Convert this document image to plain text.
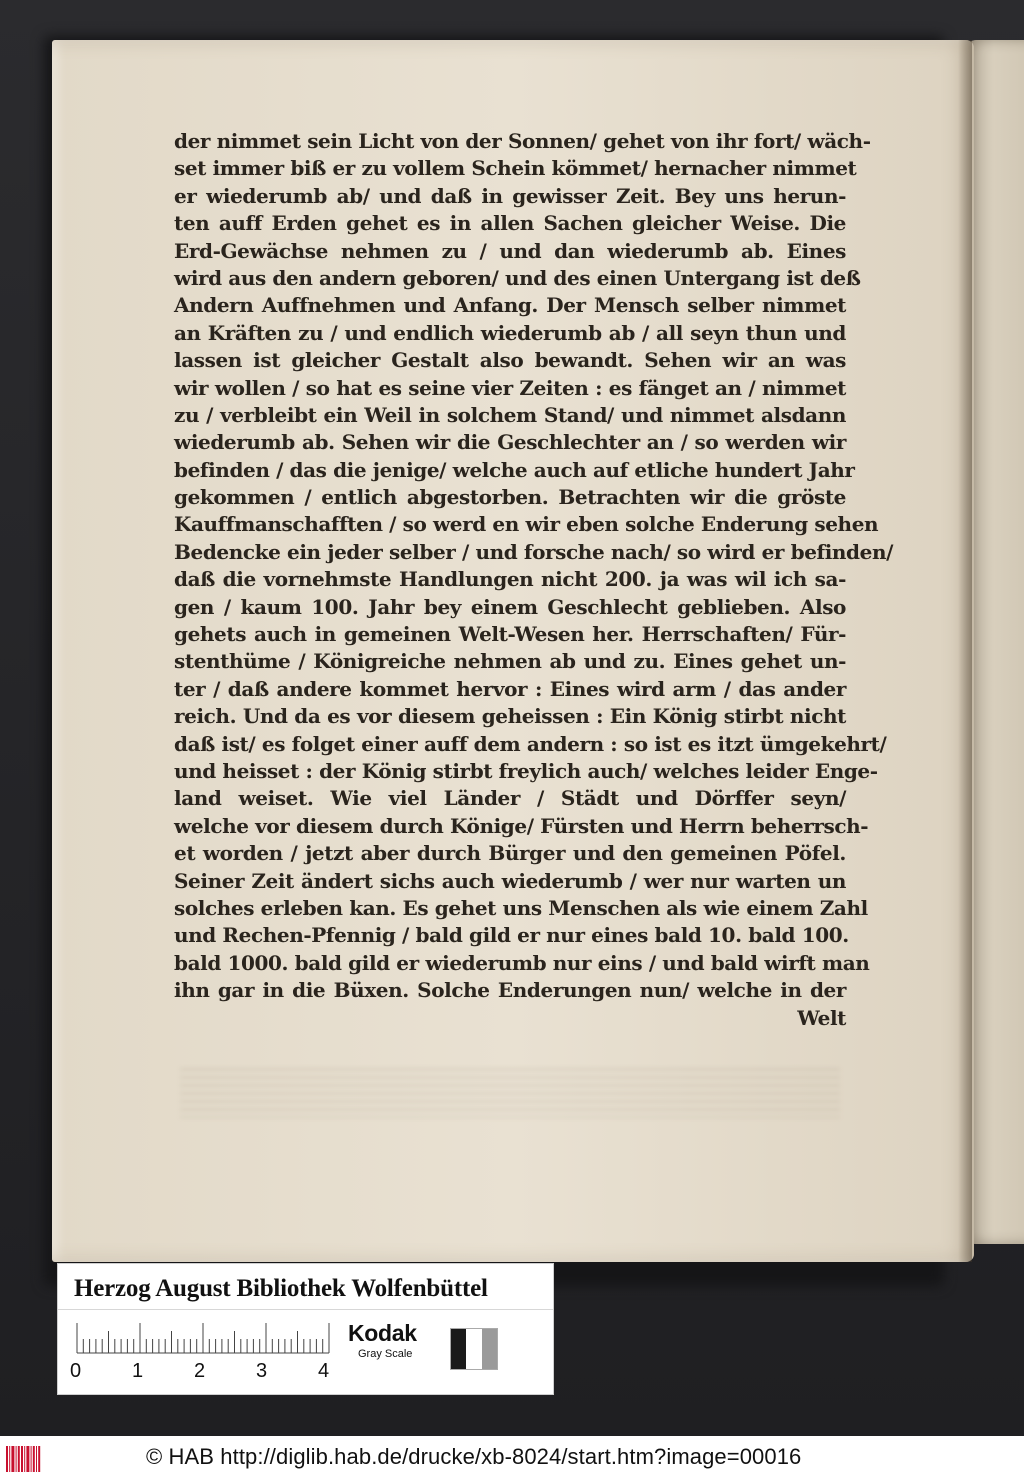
der nimmet sein Licht von der Sonnen/ gehet von ihr fort/ wäch-
set immer biß er zu vollem Schein kömmet/ hernacher nimmet
er wiederumb ab/ und daß in gewisser Zeit. Bey uns herun-
ten auff Erden gehet es in allen Sachen gleicher Weise. Die
Erd-Gewächse nehmen zu / und dan wiederumb ab. Eines
wird aus den andern geboren/ und des einen Untergang ist deß
Andern Auffnehmen und Anfang. Der Mensch selber nimmet
an Kräften zu / und endlich wiederumb ab / all seyn thun und
lassen ist gleicher Gestalt also bewandt. Sehen wir an was
wir wollen / so hat es seine vier Zeiten : es fänget an / nimmet
zu / verbleibt ein Weil in solchem Stand/ und nimmet alsdann
wiederumb ab. Sehen wir die Geschlechter an / so werden wir
befinden / das die jenige/ welche auch auf etliche hundert Jahr
gekommen / entlich abgestorben. Betrachten wir die gröste
Kauffmanschafften / so werd en wir eben solche Enderung sehen
Bedencke ein jeder selber / und forsche nach/ so wird er befinden/
daß die vornehmste Handlungen nicht 200. ja was wil ich sa-
gen / kaum 100. Jahr bey einem Geschlecht geblieben. Also
gehets auch in gemeinen Welt-Wesen her. Herrschaften/ Für-
stenthüme / Königreiche nehmen ab und zu. Eines gehet un-
ter / daß andere kommet hervor : Eines wird arm / das ander
reich. Und da es vor diesem geheissen : Ein König stirbt nicht
daß ist/ es folget einer auff dem andern : so ist es itzt ümgekehrt/
und heisset : der König stirbt freylich auch/ welches leider Enge-
land weiset. Wie viel Länder / Städt und Dörffer seyn/
welche vor diesem durch Könige/ Fürsten und Herrn beherrsch-
et worden / jetzt aber durch Bürger und den gemeinen Pöfel.
Seiner Zeit ändert sichs auch wiederumb / wer nur warten un
solches erleben kan. Es gehet uns Menschen als wie einem Zahl
und Rechen-Pfennig / bald gild er nur eines bald 10. bald 100.
bald 1000. bald gild er wiederumb nur eins / und bald wirft man
ihn gar in die Büxen. Solche Enderungen nun/ welche in der
Welt
Herzog August Bibliothek Wolfenbüttel
0	1	2	3	4
Kodak
Gray Scale
© HAB http://diglib.hab.de/drucke/xb-8024/start.htm?image=00016
